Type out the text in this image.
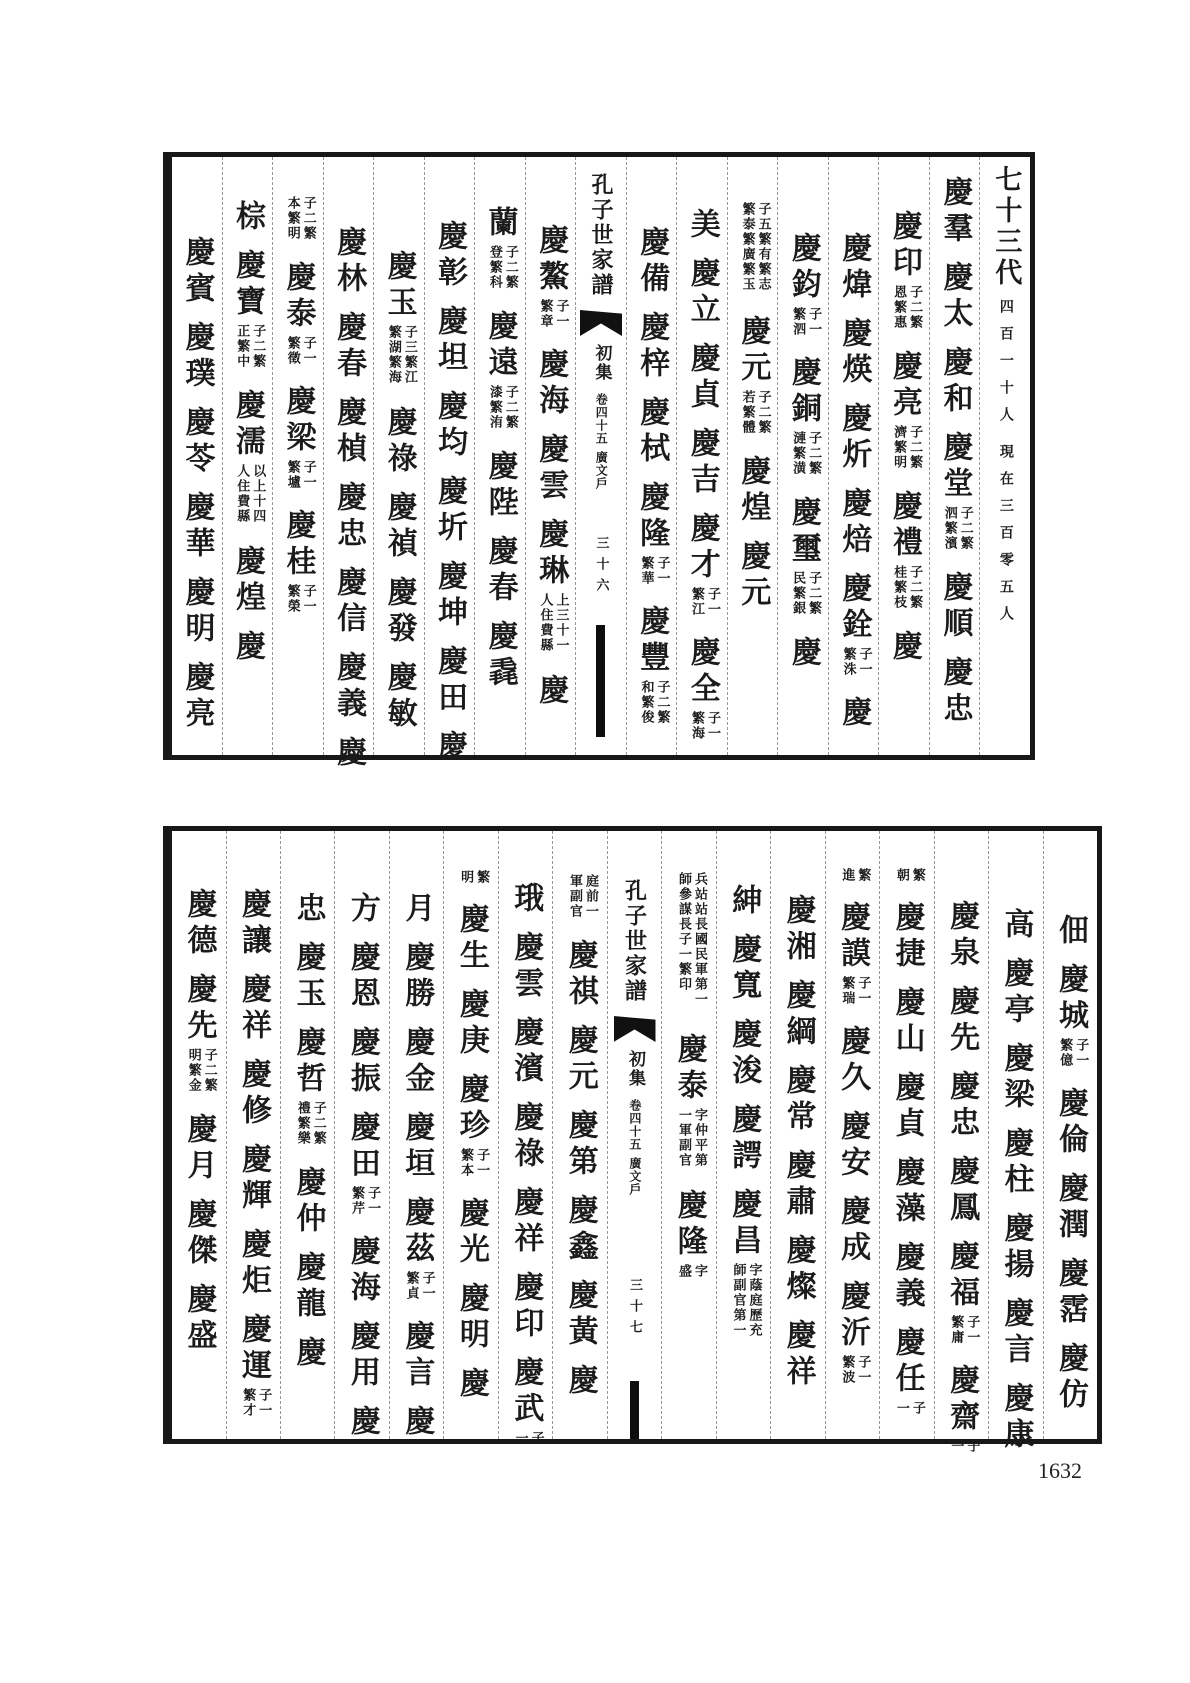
七十三代
四百一十人
現在三百零五人
慶羣
慶太
慶和
慶堂
子二繁泗繁濱
慶順
慶忠
慶印
子二繁恩繁惠
慶亮
子二繁濟繁明
慶禮
子二繁桂繁枝
慶
慶煒
慶煐
慶炘
慶焙
慶銓
子一繁洙
慶
慶鈞
子一繁泗
慶銅
子二繁漣繁潢
慶璽
子二繁民繁銀
慶
子五繁有繁志繁泰繁廣繁玉
慶元
子二繁若繁體
慶煌
慶元
美
慶立
慶貞
慶吉
慶才
子一繁江
慶全
子一繁海
慶備
慶梓
慶栻
慶隆
子一繁華
慶豐
子二繁和繁俊
孔子世家譜
初集
卷四十五
廣文戶
三十六
慶鰲
子一繁章
慶海
慶雲
慶琳
上三十一人住費縣
慶
蘭
子二繁登繁科
慶遠
子二繁漆繁洧
慶陛
慶春
慶毳
慶彰
慶坦
慶均
慶圻
慶坤
慶田
慶
慶玉
子三繁江繁湖繁海
慶祿
慶禎
慶發
慶敏
慶林
慶春
慶楨
慶忠
慶信
慶義
慶
子二繁本繁明
慶泰
子一繁徵
慶梁
子一繁壚
慶桂
子一繁榮
棕
慶寶
子二繁正繁中
慶濡
以上十四人住費縣
慶煌
慶
慶賓
慶璞
慶苓
慶華
慶明
慶亮
佃
慶城
子一繁億
慶倫
慶潤
慶霑
慶仿
高
慶亭
慶梁
慶柱
慶揚
慶言
慶康
慶泉
慶先
慶忠
慶鳳
慶福
子一繁庸
慶齋
子一
繁朝
慶捷
慶山
慶貞
慶藻
慶義
慶任
子一
繁進
慶謨
子一繁瑞
慶久
慶安
慶成
慶沂
子一繁波
慶湘
慶綱
慶常
慶肅
慶燦
慶祥
紳
慶寬
慶浚
慶諤
慶昌
字蔭庭歷充師副官第一
兵站站長國民軍第一師參謀長子一繁印
慶泰
字仲平第一軍副官
慶隆
字盛
孔子世家譜
初集
卷四十五
廣文戶
三十七
庭前一軍副官
慶祺
慶元
慶第
慶鑫
慶黃
慶
珴
慶雲
慶濱
慶祿
慶祥
慶印
慶武
子一
繁明
慶生
慶庚
慶珍
子一繁本
慶光
慶明
慶
月
慶勝
慶金
慶垣
慶茲
子一繁貞
慶言
慶
方
慶恩
慶振
慶田
子一繁芹
慶海
慶用
慶
忠
慶玉
慶哲
子二繁禮繁樂
慶仲
慶龍
慶
慶讓
慶祥
慶修
慶輝
慶炬
慶運
子一繁才
慶德
慶先
子二繁明繁金
慶月
慶傑
慶盛
1632
